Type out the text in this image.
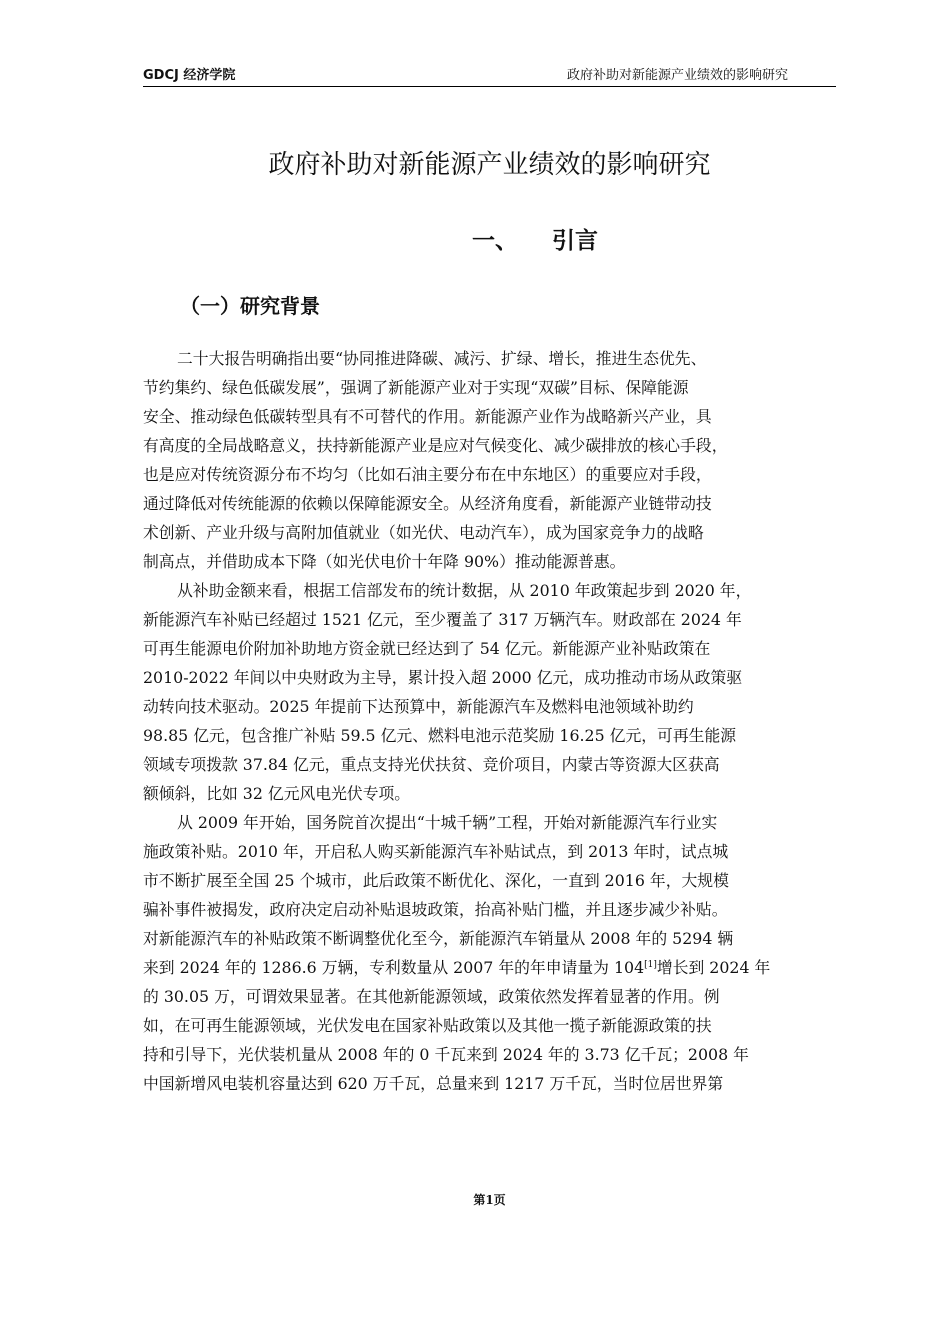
GDCJ 经济学院	政府补助对新能源产业绩效的影响研究
政府补助对新能源产业绩效的影响研究
一、 引言
（一）研究背景
二十大报告明确指出要“协同推进降碳、减污、扩绿、增长，推进生态优先、
节约集约、绿色低碳发展”，强调了新能源产业对于实现“双碳”目标、保障能源
安全、推动绿色低碳转型具有不可替代的作用。新能源产业作为战略新兴产业，具
有高度的全局战略意义，扶持新能源产业是应对气候变化、减少碳排放的核心手段，
也是应对传统资源分布不均匀（比如石油主要分布在中东地区）的重要应对手段，
通过降低对传统能源的依赖以保障能源安全。从经济角度看，新能源产业链带动技
术创新、产业升级与高附加值就业（如光伏、电动汽车），成为国家竞争力的战略
制高点，并借助成本下降（如光伏电价十年降 90%）推动能源普惠。
从补助金额来看，根据工信部发布的统计数据，从 2010 年政策起步到 2020 年，
新能源汽车补贴已经超过 1521 亿元，至少覆盖了 317 万辆汽车。财政部在 2024 年
可再生能源电价附加补助地方资金就已经达到了 54 亿元。新能源产业补贴政策在
2010-2022 年间以中央财政为主导，累计投入超 2000 亿元，成功推动市场从政策驱
动转向技术驱动。2025 年提前下达预算中，新能源汽车及燃料电池领域补助约
98.85 亿元，包含推广补贴 59.5 亿元、燃料电池示范奖励 16.25 亿元，可再生能源
领域专项拨款 37.84 亿元，重点支持光伏扶贫、竞价项目，内蒙古等资源大区获高
额倾斜，比如 32 亿元风电光伏专项。
从 2009 年开始，国务院首次提出“十城千辆”工程，开始对新能源汽车行业实
施政策补贴。2010 年，开启私人购买新能源汽车补贴试点，到 2013 年时，试点城
市不断扩展至全国 25 个城市，此后政策不断优化、深化，一直到 2016 年，大规模
骗补事件被揭发，政府决定启动补贴退坡政策，抬高补贴门槛，并且逐步减少补贴。
对新能源汽车的补贴政策不断调整优化至今，新能源汽车销量从 2008 年的 5294 辆
来到 2024 年的 1286.6 万辆，专利数量从 2007 年的年申请量为 104[1]增长到 2024 年
的 30.05 万，可谓效果显著。在其他新能源领域，政策依然发挥着显著的作用。例
如，在可再生能源领域，光伏发电在国家补贴政策以及其他一揽子新能源政策的扶
持和引导下，光伏装机量从 2008 年的 0 千瓦来到 2024 年的 3.73 亿千瓦；2008 年
中国新增风电装机容量达到 620 万千瓦，总量来到 1217 万千瓦，当时位居世界第
第1页
